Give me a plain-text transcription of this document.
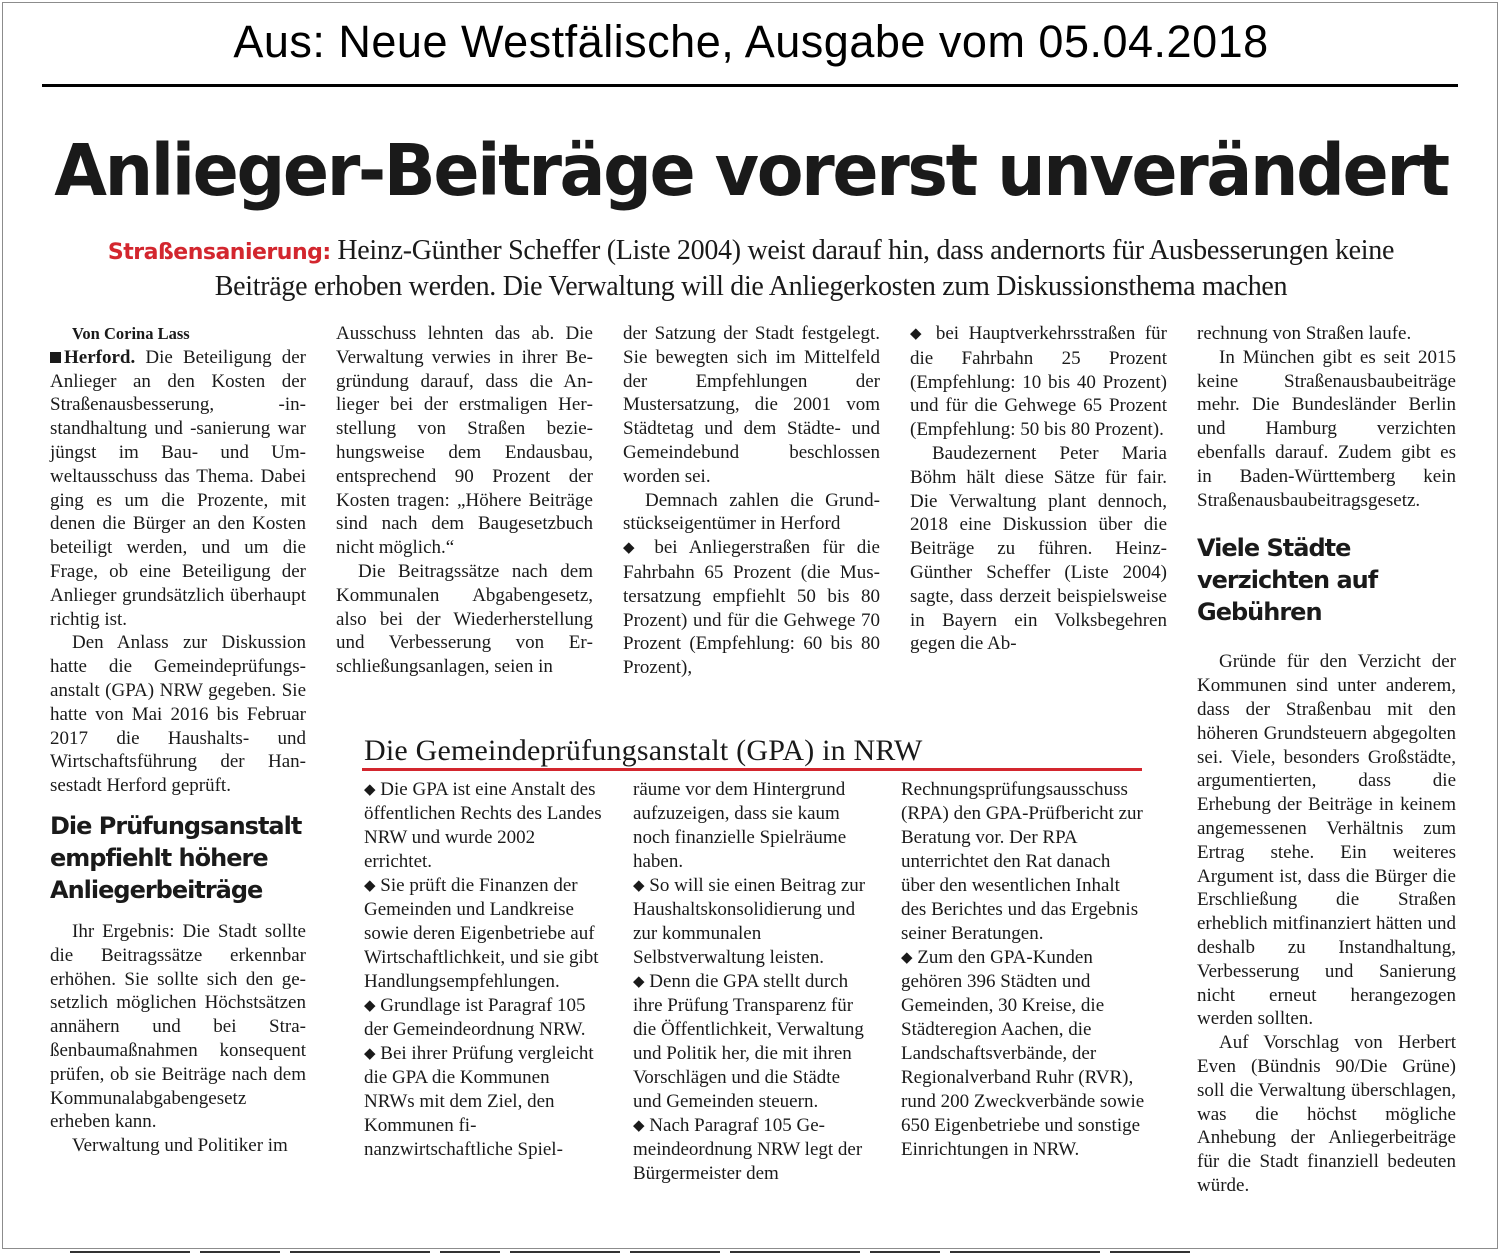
Aus: Neue Westfälische, Ausgabe vom 05.04.2018
Anlieger-Beiträge vorerst unverändert
Straßensanierung: Heinz-Günther Scheffer (Liste 2004) weist darauf hin, dass andernorts für Ausbesserungen keine Beiträge erhoben werden. Die Verwaltung will die Anliegerkosten zum Diskussionsthema machen

Von Corina Lass

Herford. Die Beteiligung der Anlieger an den Kosten der Straßenausbesserung, -instandhaltung und -sanierung war jüngst im Bau- und Umweltausschuss das Thema. Dabei ging es um die Prozente, mit denen die Bürger an den Kosten beteiligt werden, und um die Frage, ob eine Beteiligung der Anlieger grundsätzlich überhaupt richtig ist.

Den Anlass zur Diskussion hatte die Gemeindeprüfungsanstalt (GPA) NRW gegeben. Sie hatte von Mai 2016 bis Februar 2017 die Haushalts- und Wirtschaftsführung der Hansestadt Herford geprüft.

Die Prüfungsanstalt empfiehlt höhere Anliegerbeiträge

Ihr Ergebnis: Die Stadt sollte die Beitragssätze erkennbar erhöhen. Sie sollte sich den gesetzlich möglichen Höchstsätzen annähern und bei Straßenbaumaßnahmen konsequent prüfen, ob sie Beiträge nach dem Kommunalabgabengesetz erheben kann.

Verwaltung und Politiker im

Ausschuss lehnten das ab. Die Verwaltung verwies in ihrer Begründung darauf, dass die Anlieger bei der erstmaligen Herstellung von Straßen beziehungsweise dem Endausbau, entsprechend 90 Prozent der Kosten tragen: „Höhere Beiträge sind nach dem Baugesetzbuch nicht möglich.“

Die Beitragssätze nach dem Kommunalen Abgabengesetz, also bei der Wiederherstellung und Verbesserung von Erschließungsanlagen, seien in

der Satzung der Stadt festgelegt. Sie bewegten sich im Mittelfeld der Empfehlungen der Mustersatzung, die 2001 vom Städtetag und dem Städte- und Gemeindebund beschlossen worden sei.

Demnach zahlen die Grundstückseigentümer in Herford

◆ bei Anliegerstraßen für die Fahrbahn 65 Prozent (die Mustersatzung empfiehlt 50 bis 80 Prozent) und für die Gehwege 70 Prozent (Empfehlung: 60 bis 80 Prozent),

◆ bei Hauptverkehrsstraßen für die Fahrbahn 25 Prozent (Empfehlung: 10 bis 40 Prozent) und für die Gehwege 65 Prozent (Empfehlung: 50 bis 80 Prozent).

Baudezernent Peter Maria Böhm hält diese Sätze für fair. Die Verwaltung plant dennoch, 2018 eine Diskussion über die Beiträge zu führen. Heinz-Günther Scheffer (Liste 2004) sagte, dass derzeit beispielsweise in Bayern ein Volksbegehren gegen die Ab-

rechnung von Straßen laufe.

In München gibt es seit 2015 keine Straßenausbaubeiträge mehr. Die Bundesländer Berlin und Hamburg verzichten ebenfalls darauf. Zudem gibt es in Baden-Württemberg kein Straßenausbaubeitragsgesetz.

Viele Städte verzichten auf Gebühren

Gründe für den Verzicht der Kommunen sind unter anderem, dass der Straßenbau mit den höheren Grundsteuern abgegolten sei. Viele, besonders Großstädte, argumentierten, dass die Erhebung der Beiträge in keinem angemessenen Verhältnis zum Ertrag stehe. Ein weiteres Argument ist, dass die Bürger die Erschließung die Straßen erheblich mitfinanziert hätten und deshalb zu Instandhaltung, Verbesserung und Sanierung nicht erneut herangezogen werden sollten.

Auf Vorschlag von Herbert Even (Bündnis 90/Die Grüne) soll die Verwaltung überschlagen, was die höchst mögliche Anhebung der Anliegerbeiträge für die Stadt finanziell bedeuten würde.

Die Gemeindeprüfungsanstalt (GPA) in NRW

◆ Die GPA ist eine Anstalt des öffentlichen Rechts des Landes NRW und wurde 2002 errichtet.

◆ Sie prüft die Finanzen der Gemeinden und Landkreise sowie deren Eigenbetriebe auf Wirtschaftlichkeit, und sie gibt Handlungsempfehlungen.

◆ Grundlage ist Paragraf 105 der Gemeindeordnung NRW.

◆ Bei ihrer Prüfung vergleicht die GPA die Kommunen NRWs mit dem Ziel, den Kommunen finanzwirtschaftliche Spiel-

räume vor dem Hintergrund aufzuzeigen, dass sie kaum noch finanzielle Spielräume haben.

◆ So will sie einen Beitrag zur Haushaltskonsolidierung und zur kommunalen Selbstverwaltung leisten.

◆ Denn die GPA stellt durch ihre Prüfung Transparenz für die Öffentlichkeit, Verwaltung und Politik her, die mit ihren Vorschlägen und die Städte und Gemeinden steuern.

◆ Nach Paragraf 105 Gemeindeordnung NRW legt der Bürgermeister dem

Rechnungsprüfungsausschuss (RPA) den GPA-Prüfbericht zur Beratung vor. Der RPA unterrichtet den Rat danach über den wesentlichen Inhalt des Berichtes und das Ergebnis seiner Beratungen.

◆ Zum den GPA-Kunden gehören 396 Städten und Gemeinden, 30 Kreise, die Städteregion Aachen, die Landschaftsverbände, der Regionalverband Ruhr (RVR), rund 200 Zweckverbände sowie 650 Eigenbetriebe und sonstige Einrichtungen in NRW.
